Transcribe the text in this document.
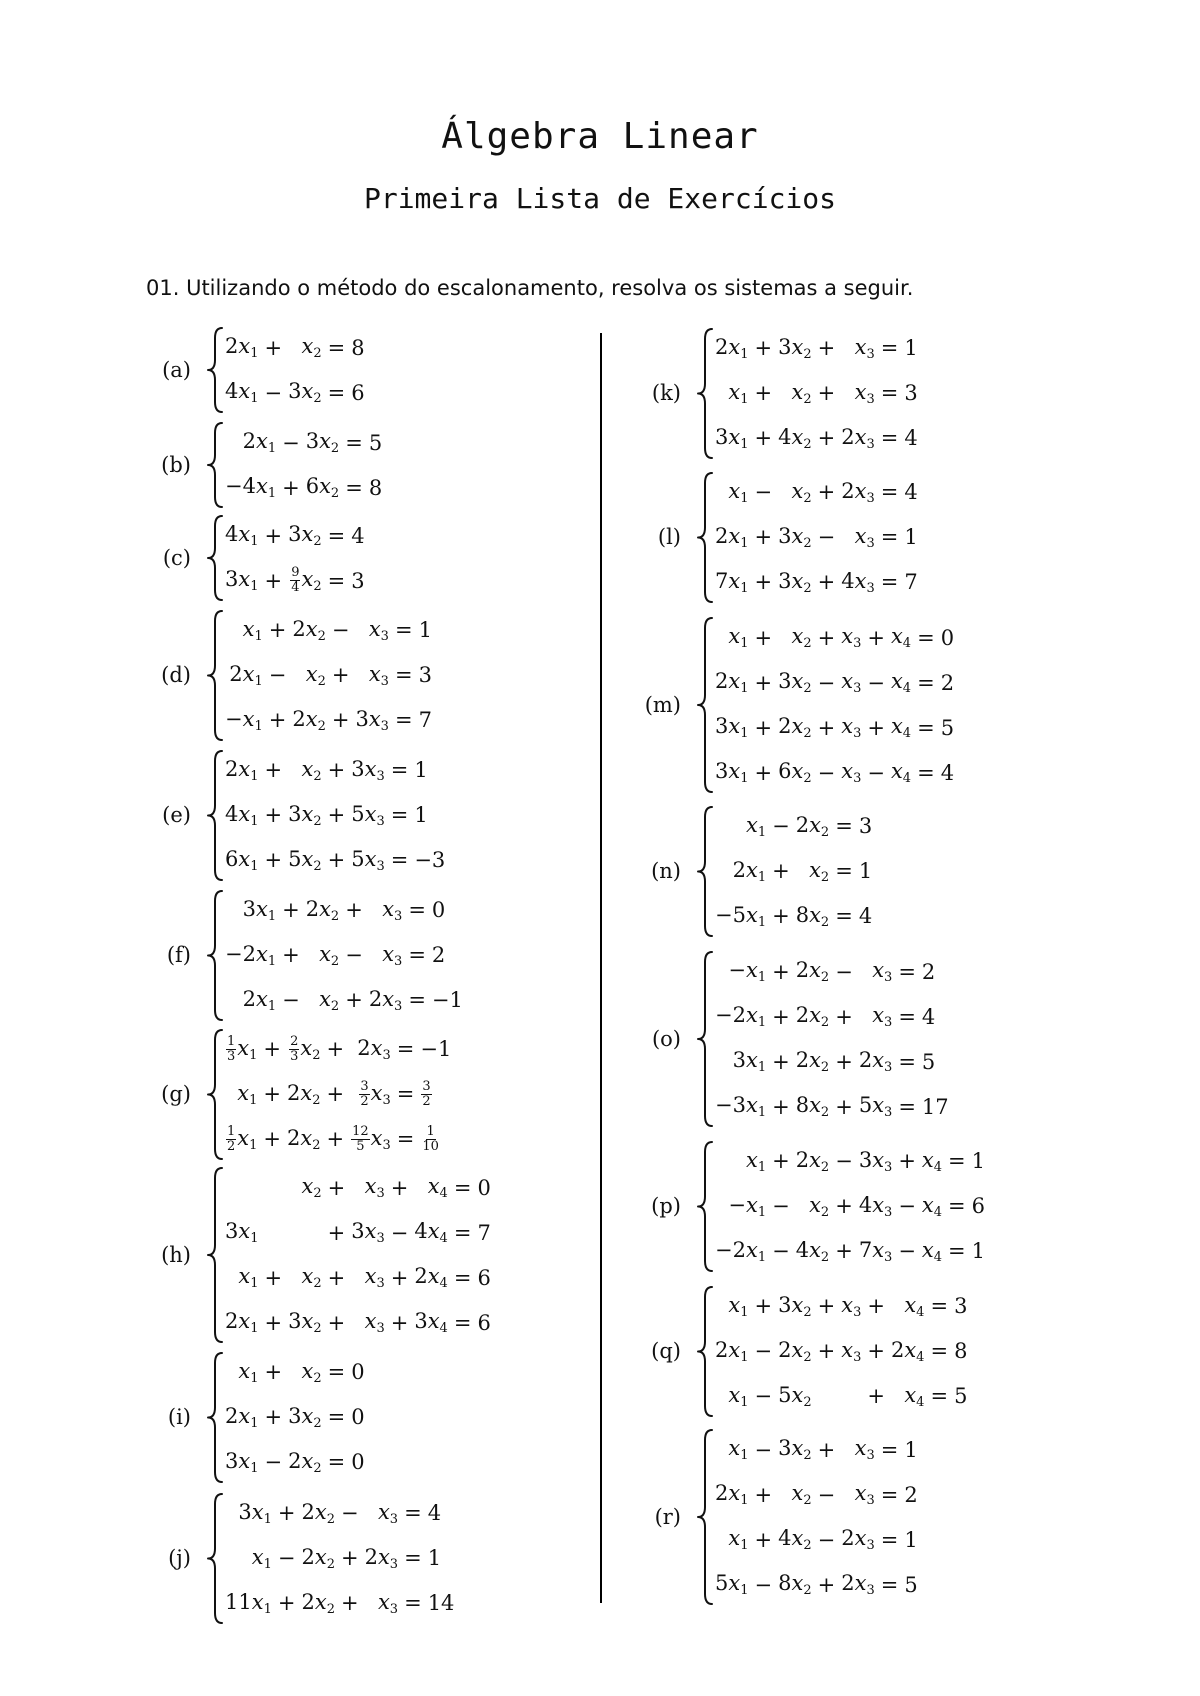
Álgebra Linear
Primeira Lista de Exercícios
01. Utilizando o método do escalonamento, resolva os sistemas a seguir.
(a)
$2x_1 + x_2 = 8$
$4x_1 - 3x_2 = 6$
(b)
$2x_1 - 3x_2 = 5$
$-4x_1 + 6x_2 = 8$
(c)
$4x_1 + 3x_2 = 4$
$3x_1 + \frac{9}{4} x_2 = 3$
(d)
$x_1 + 2x_2 - x_3 = 1$
$2x_1 - x_2 + x_3 = 3$
$-x_1 + 2x_2 + 3x_3 = 7$
(e)
$2x_1 + x_2 + 3x_3 = 1$
$4x_1 + 3x_2 + 5x_3 = 1$
$6x_1 + 5x_2 + 5x_3 = -3$
(f)
$3x_1 + 2x_2 + x_3 = 0$
$-2x_1 + x_2 - x_3 = 2$
$2x_1 - x_2 + 2x_3 = -1$
(g)
$\frac{1}{3} x_1 + \frac{2}{3} x_2 + 2x_3 = -1$
$x_1 + 2x_2 + \frac{3}{2} x_3 = \frac{3}{2}$
$\frac{1}{2} x_1 + 2x_2 + \frac{12}{5} x_3 = \frac{1}{10}$
(h)
$x_2 + x_3 + x_4 = 0$
$3x_1$	+ $3x_3 - 4x_4 = 7$
$x_1 + x_2 + x_3 + 2x_4 = 6$
$2x_1 + 3x_2 + x_3 + 3x_4 = 6$
(i)
$x_1 + x_2 = 0$
$2x_1 + 3x_2 = 0$
$3x_1 - 2x_2 = 0$
(j)
$3x_1 + 2x_2 - x_3 = 4$
$x_1 - 2x_2 + 2x_3 = 1$
$11x_1 + 2x_2 + x_3 = 14$
(k)
$2x_1 + 3x_2 + x_3 = 1$
$x_1 + x_2 + x_3 = 3$
$3x_1 + 4x_2 + 2x_3 = 4$
(l)
$x_1 - x_2 + 2x_3 = 4$
$2x_1 + 3x_2 - x_3 = 1$
$7x_1 + 3x_2 + 4x_3 = 7$
(m)
$x_1 + x_2 + x_3 + x_4 = 0$
$2x_1 + 3x_2 - x_3 - x_4 = 2$
$3x_1 + 2x_2 + x_3 + x_4 = 5$
$3x_1 + 6x_2 - x_3 - x_4 = 4$
(n)
$x_1 - 2x_2 = 3$
$2x_1 + x_2 = 1$
$-5x_1 + 8x_2 = 4$
(o)
$-x_1 + 2x_2 - x_3 = 2$
$-2x_1 + 2x_2 + x_3 = 4$
$3x_1 + 2x_2 + 2x_3 = 5$
$-3x_1 + 8x_2 + 5x_3 = 17$
(p)
$x_1 + 2x_2 - 3x_3 + x_4 = 1$
$-x_1 - x_2 + 4x_3 - x_4 = 6$
$-2x_1 - 4x_2 + 7x_3 - x_4 = 1$
(q)
$x_1 + 3x_2 + x_3 + x_4 = 3$
$2x_1 - 2x_2 + x_3 + 2x_4 = 8$
$x_1 - 5x_2$	+ $x_4 = 5$
(r)
$x_1 - 3x_2 + x_3 = 1$
$2x_1 + x_2 - x_3 = 2$
$x_1 + 4x_2 - 2x_3 = 1$
$5x_1 - 8x_2 + 2x_3 = 5$
